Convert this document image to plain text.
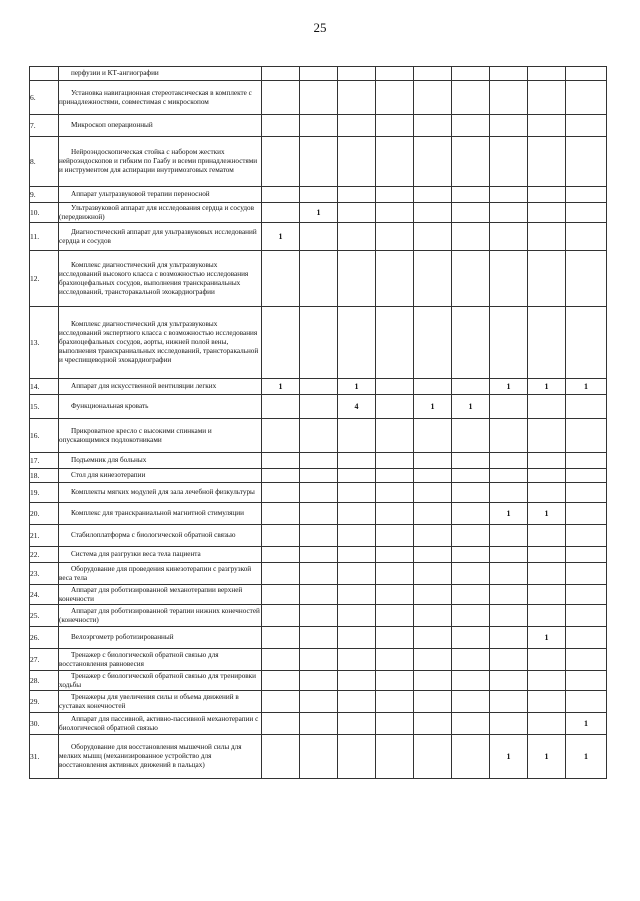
25

	перфузии и КТ-ангиографии									

6.	Установка навигационная стереотаксическая в комплекте с принадлежностями, совместимая с микроскопом									

7.	Микроскоп операционный									

8.	Нейроэндоскопическая стойка с набором жестких нейроэндоскопов и гибким по Гаабу и всеми принадлежностями и инструментом для аспирации внутримозговых гематом									

9.	Аппарат ультразвуковой терапии переносной									

10.	Ультразвуковой аппарат для исследования сердца и сосудов (передвижной)		1							
11.	Диагностический аппарат для ультразвуковых исследований сердца и сосудов	1								
12.	Комплекс диагностический для ультразвуковых исследований высокого класса с возможностью исследования брахиоцефальных сосудов, выполнения транскраниальных исследований, трансторакальной эхокардиографии									

13.	Комплекс диагностический для ультразвуковых исследований экспертного класса с возможностью исследования брахиоцефальных сосудов, аорты, нижней полой вены, выполнения транскраниальных исследований, трансторакальной и чреспищеводной эхокардиографии									

14.	Аппарат для искусственной вентиляции легких	1		1				1	1	1
15.	Функциональная кровать			4		1	1			
16.	Прикроватное кресло с высокими спинками и опускающимися подлокотниками									

17.	Подъемник для больных									

18.	Стол для кинезотерапии									

19.	Комплекты мягких модулей для зала лечебной физкультуры									

20.	Комплекс для транскраниальной магнитной стимуляции							1	1	
21.	Стабилоплатформа с биологической обратной связью									

22.	Система для разгрузки веса тела пациента									

23.	Оборудование для проведения кинезотерапии с разгрузкой веса тела									

24.	Аппарат для роботизированной механотерапии верхней конечности									

25.	Аппарат для роботизированной терапии нижних конечностей (конечности)									

26.	Велоэргометр роботизированный								1	
27.	Тренажер с биологической обратной связью для восстановления равновесия									

28.	Тренажер с биологической обратной связью для тренировки ходьбы									

29.	Тренажеры для увеличения силы и объема движений в суставах конечностей									

30.	Аппарат для пассивной, активно-пассивной механотерапии с биологической обратной связью									1
31.	Оборудование для восстановления мышечной силы для мелких мышц (механизированное устройство для восстановления активных движений в пальцах)							1	1	1
